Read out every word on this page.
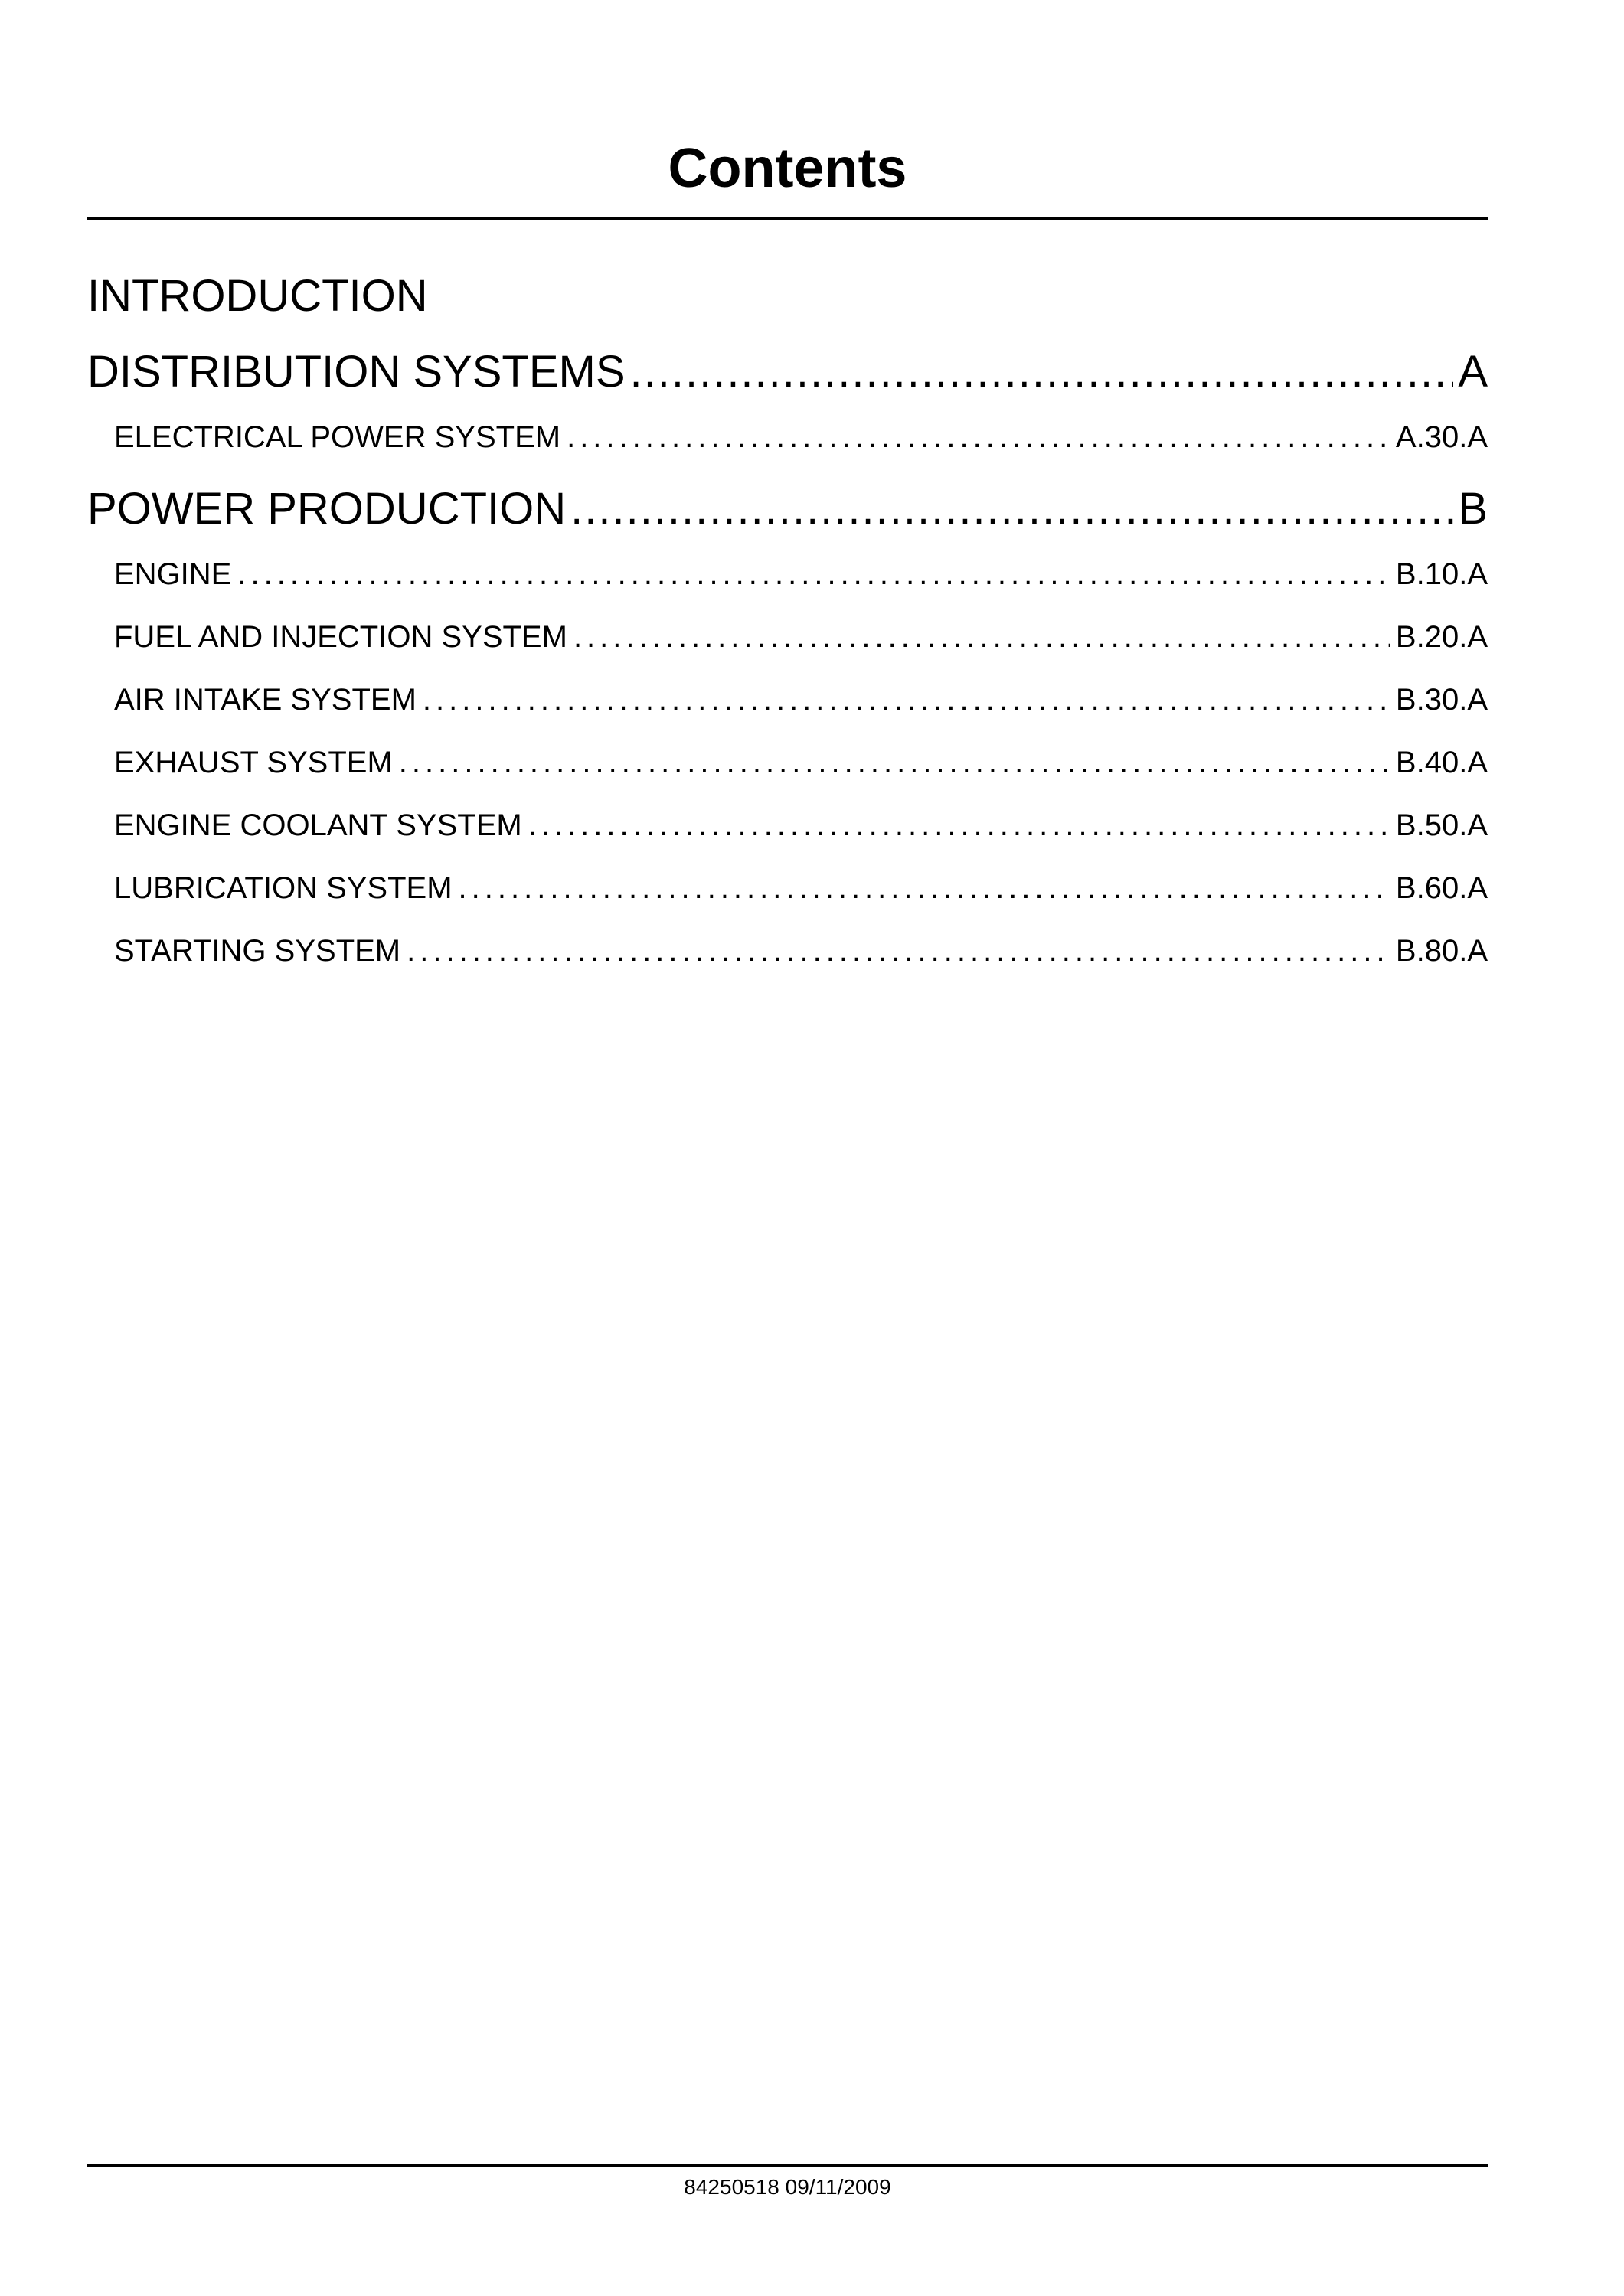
Contents
INTRODUCTION
DISTRIBUTION SYSTEMS .....	A
ELECTRICAL POWER SYSTEM .....	A.30.A
POWER PRODUCTION .....	B
ENGINE .....	B.10.A
FUEL AND INJECTION SYSTEM .....	B.20.A
AIR INTAKE SYSTEM .....	B.30.A
EXHAUST SYSTEM .....	B.40.A
ENGINE COOLANT SYSTEM .....	B.50.A
LUBRICATION SYSTEM .....	B.60.A
STARTING SYSTEM .....	B.80.A
84250518 09/11/2009
